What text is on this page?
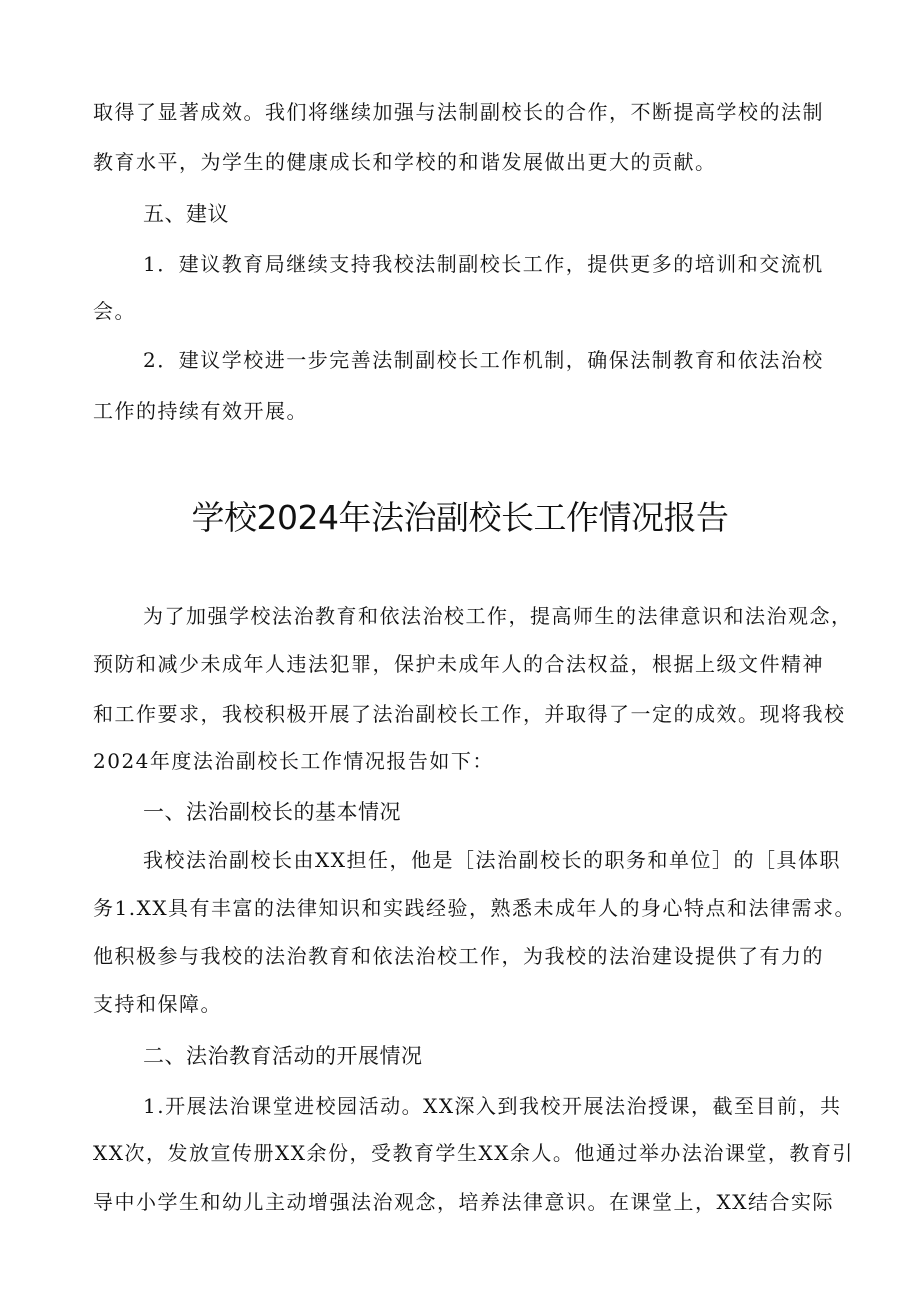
取得了显著成效。我们将继续加强与法制副校长的合作，不断提高学校的法制
教育水平，为学生的健康成长和学校的和谐发展做出更大的贡献。
五、建议
1．建议教育局继续支持我校法制副校长工作，提供更多的培训和交流机
会。
2．建议学校进一步完善法制副校长工作机制，确保法制教育和依法治校
工作的持续有效开展。
学校2024年法治副校长工作情况报告
为了加强学校法治教育和依法治校工作，提高师生的法律意识和法治观念，
预防和减少未成年人违法犯罪，保护未成年人的合法权益，根据上级文件精神
和工作要求，我校积极开展了法治副校长工作，并取得了一定的成效。现将我校
2024年度法治副校长工作情况报告如下：
一、法治副校长的基本情况
我校法治副校长由XX担任，他是［法治副校长的职务和单位］的［具体职
务1.XX具有丰富的法律知识和实践经验，熟悉未成年人的身心特点和法律需求。
他积极参与我校的法治教育和依法治校工作，为我校的法治建设提供了有力的
支持和保障。
二、法治教育活动的开展情况
1.开展法治课堂进校园活动。XX深入到我校开展法治授课，截至目前，共
XX次，发放宣传册XX余份，受教育学生XX余人。他通过举办法治课堂，教育引
导中小学生和幼儿主动增强法治观念，培养法律意识。在课堂上，XX结合实际
